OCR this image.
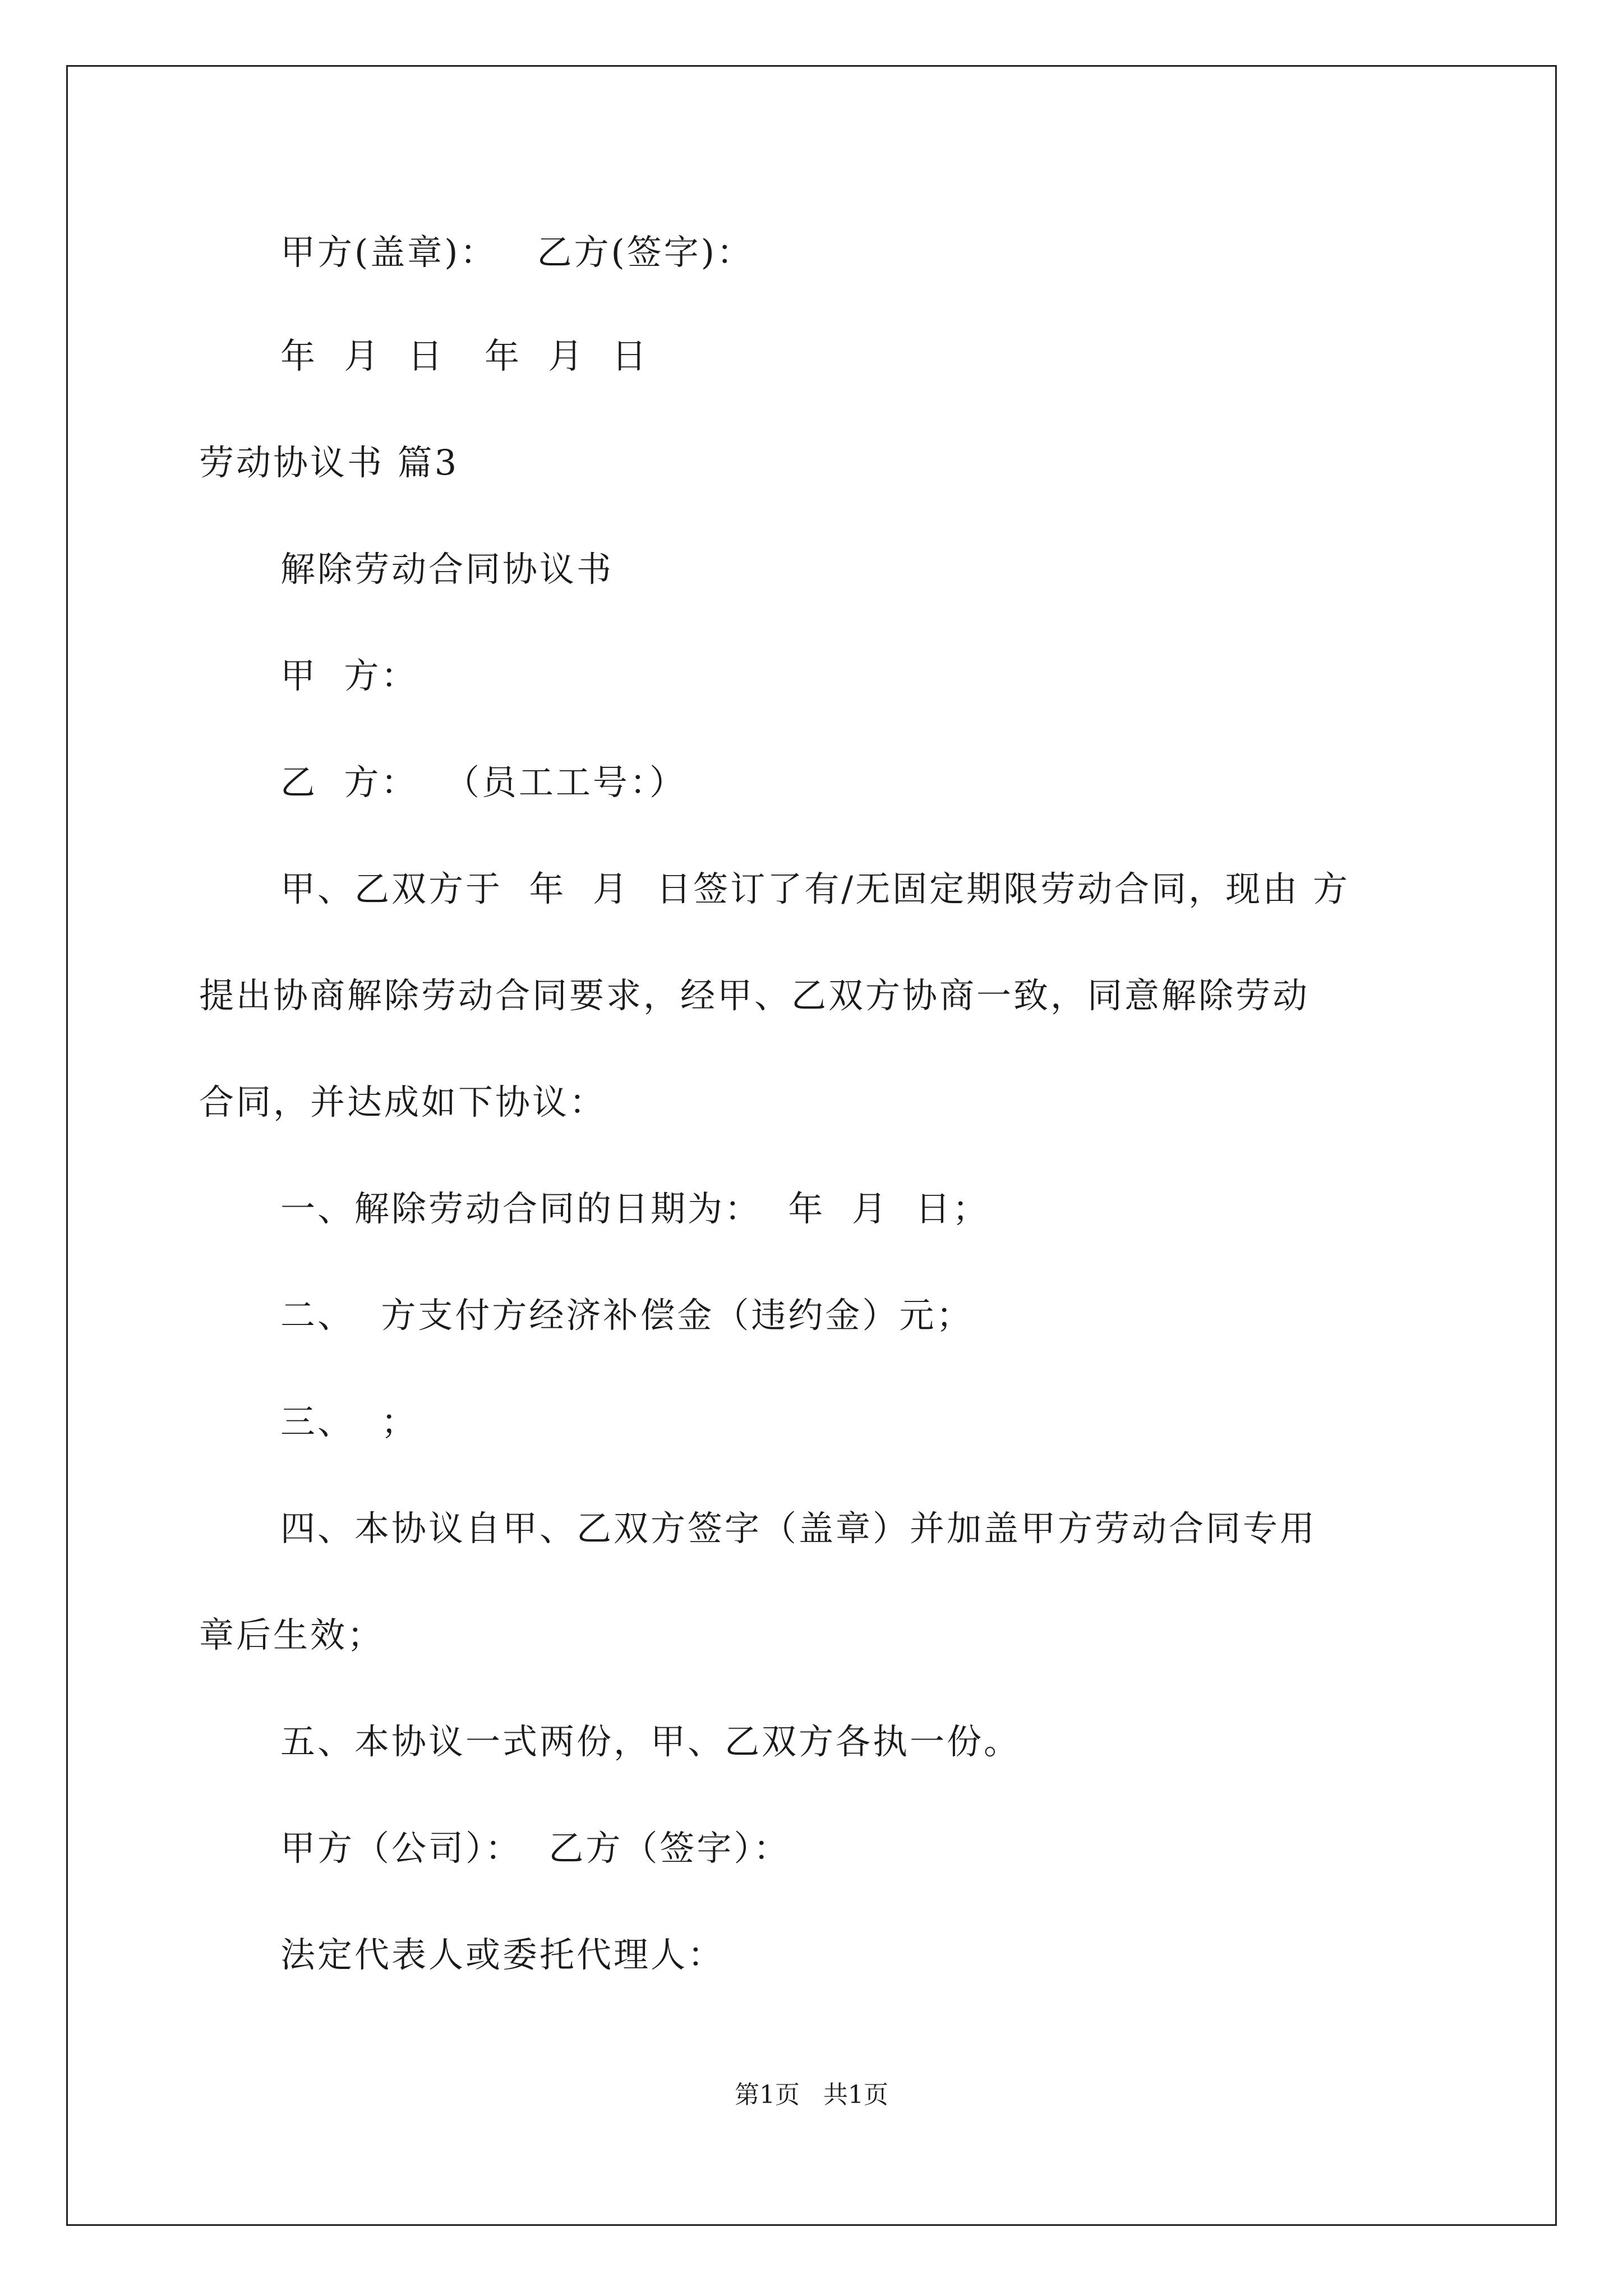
甲方(盖章)：   乙方(签字)：
年  月  日   年  月  日
劳动协议书 篇3
解除劳动合同协议书
甲  方：
乙  方：  （员工工号：）
甲、乙双方于  年  月  日签订了有/无固定期限劳动合同，现由 方
提出协商解除劳动合同要求，经甲、乙双方协商一致，同意解除劳动
合同，并达成如下协议：
一、解除劳动合同的日期为：  年  月  日；
二、  方支付方经济补偿金（违约金）元；
三、  ；
四、本协议自甲、乙双方签字（盖章）并加盖甲方劳动合同专用
章后生效；
五、本协议一式两份，甲、乙双方各执一份。
甲方（公司）：  乙方（签字）：
法定代表人或委托代理人：
第1页   共1页
